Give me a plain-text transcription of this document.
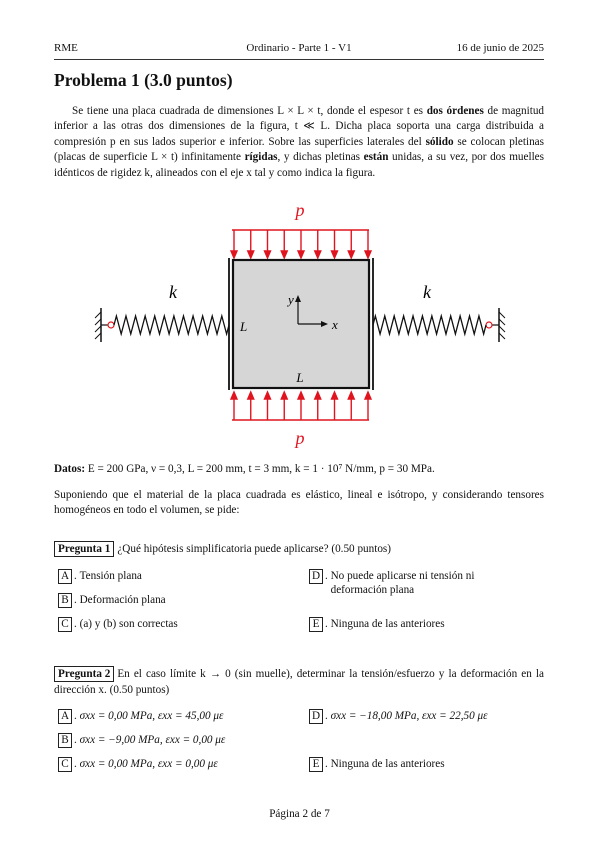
RME	Ordinario - Parte 1 - V1	16 de junio de 2025
Problema 1 (3.0 puntos)

Se tiene una placa cuadrada de dimensiones L × L × t, donde el espesor t es dos órdenes de magnitud inferior a las otras dos dimensiones de la figura, t ≪ L. Dicha placa soporta una carga distribuida a compresión p en sus lados superior e inferior. Sobre las superficies laterales del sólido se colocan pletinas (placas de superficie L × t) infinitamente rígidas, y dichas pletinas están unidas, a su vez, por dos muelles idénticos de rigidez k, alineados con el eje x tal y como indica la figura.

p
p
y
x
L
L
k	k

Datos: E = 200 GPa, ν = 0,3, L = 200 mm, t = 3 mm, k = 1 · 10⁷ N/mm, p = 30 MPa.

Suponiendo que el material de la placa cuadrada es elástico, lineal e isótropo, y considerando tensores homogéneos en todo el volumen, se pide:

Pregunta 1 ¿Qué hipótesis simplificatoria puede aplicarse? (0.50 puntos)

A . Tensión plana
B . Deformación plana
C . (a) y (b) son correctas
D . No puede aplicarse ni tensión ni deformación plana
E . Ninguna de las anteriores

Pregunta 2 En el caso límite k → 0 (sin muelle), determinar la tensión/esfuerzo y la deformación en la dirección x. (0.50 puntos)

A . σxx = 0,00 MPa, εxx = 45,00 με
B . σxx = −9,00 MPa, εxx = 0,00 με
C . σxx = 0,00 MPa, εxx = 0,00 με
D . σxx = −18,00 MPa, εxx = 22,50 με
E . Ninguna de las anteriores
Página 2 de 7
